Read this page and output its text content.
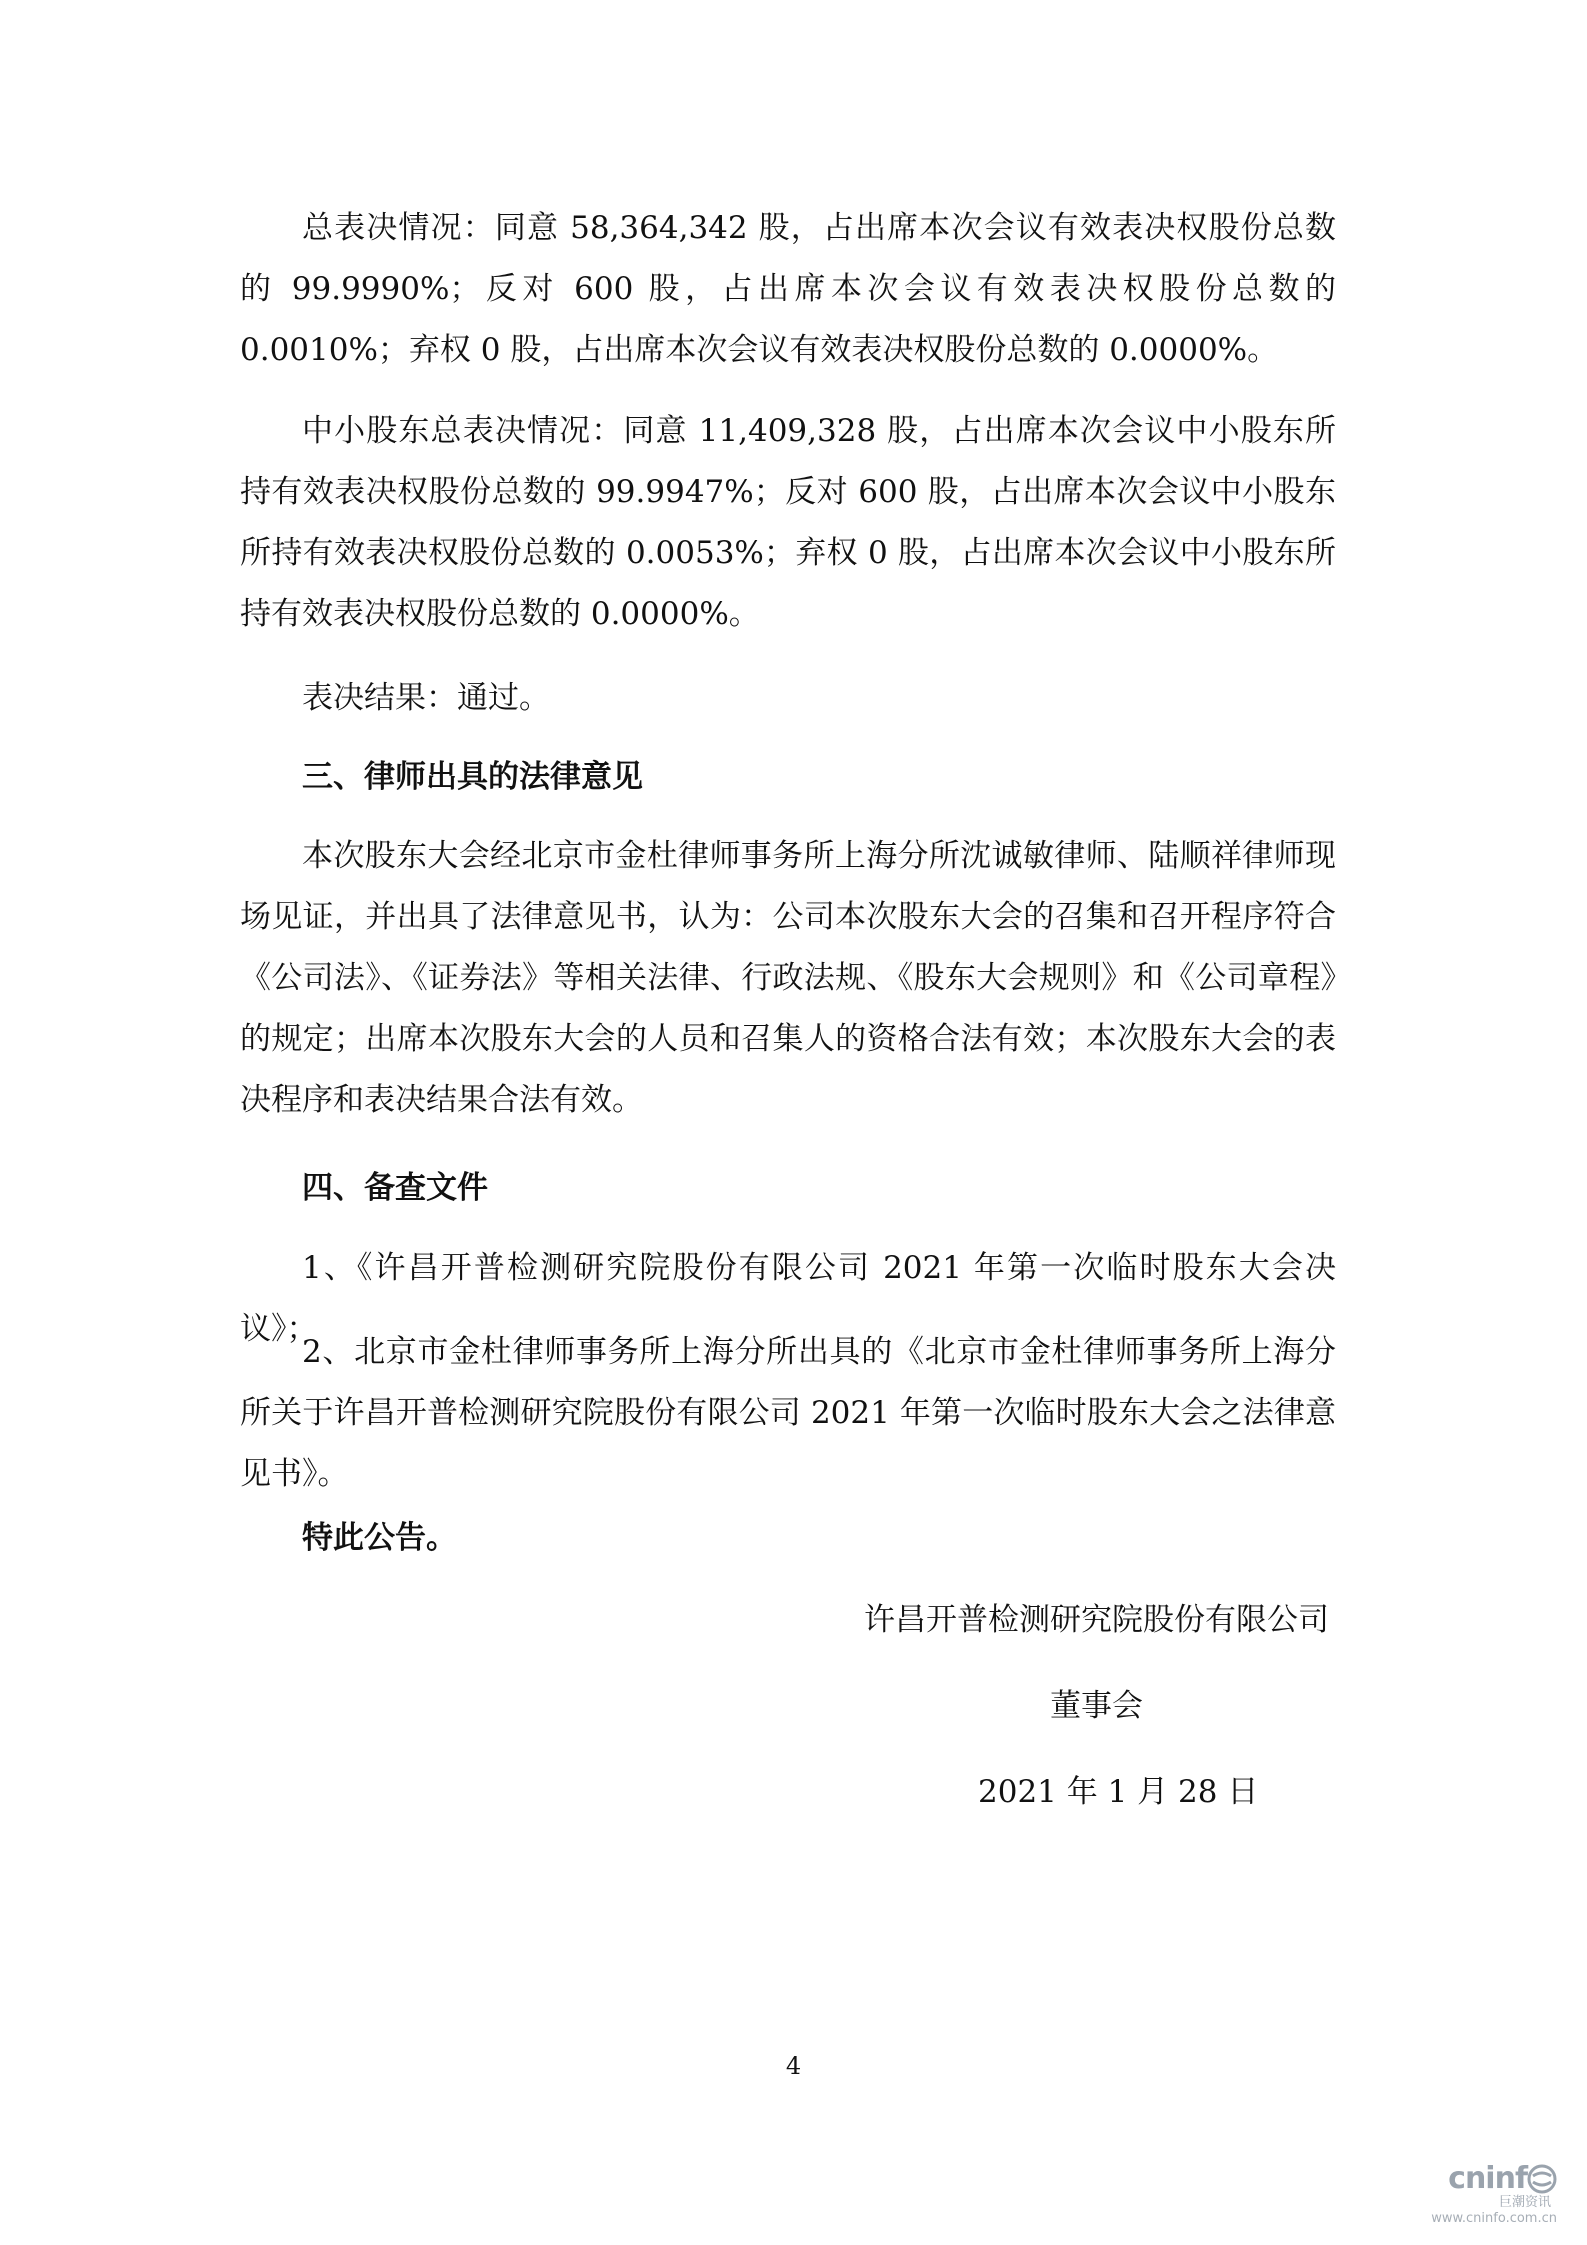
总表决情况：同意 58,364,342 股，占出席本次会议有效表决权股份总数的 99.9990%；反对 600 股，占出席本次会议有效表决权股份总数的 0.0010%；弃权 0 股，占出席本次会议有效表决权股份总数的 0.0000%。

中小股东总表决情况：同意 11,409,328 股，占出席本次会议中小股东所持有效表决权股份总数的 99.9947%；反对 600 股，占出席本次会议中小股东所持有效表决权股份总数的 0.0053%；弃权 0 股，占出席本次会议中小股东所持有效表决权股份总数的 0.0000%。

表决结果：通过。

三、律师出具的法律意见

本次股东大会经北京市金杜律师事务所上海分所沈诚敏律师、陆顺祥律师现场见证，并出具了法律意见书，认为：公司本次股东大会的召集和召开程序符合《公司法》、《证券法》等相关法律、行政法规、《股东大会规则》和《公司章程》的规定；出席本次股东大会的人员和召集人的资格合法有效；本次股东大会的表决程序和表决结果合法有效。

四、备查文件

1、《许昌开普检测研究院股份有限公司 2021 年第一次临时股东大会决议》；

2、北京市金杜律师事务所上海分所出具的《北京市金杜律师事务所上海分所关于许昌开普检测研究院股份有限公司 2021 年第一次临时股东大会之法律意见书》。

特此公告。

许昌开普检测研究院股份有限公司
董事会
2021 年 1 月 28 日
4
cninf
巨潮资讯
www.cninfo.com.cn
